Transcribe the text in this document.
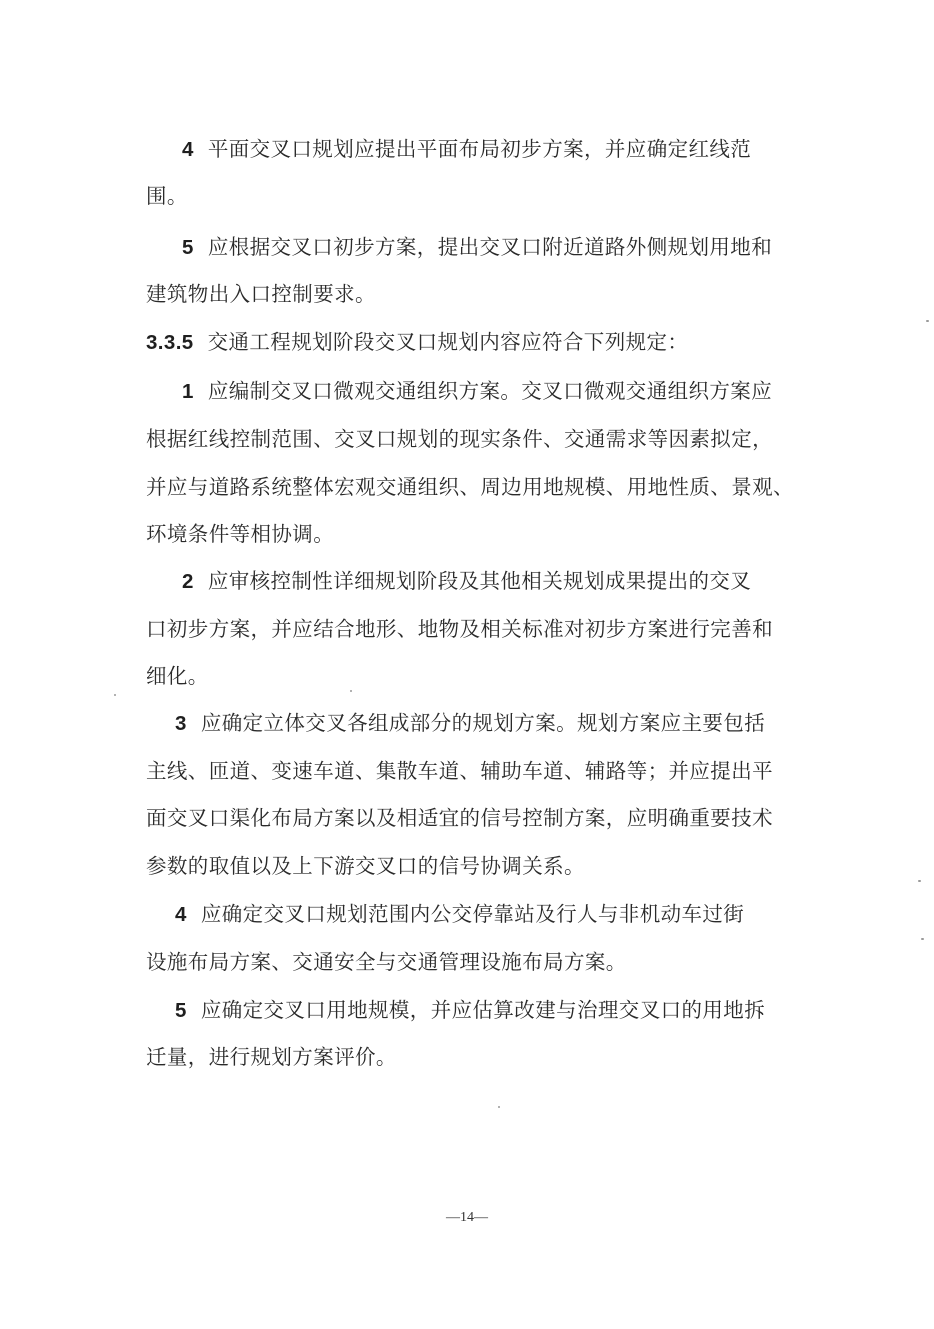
4 平面交叉口规划应提出平面布局初步方案，并应确定红线范
围。
5 应根据交叉口初步方案，提出交叉口附近道路外侧规划用地和
建筑物出入口控制要求。
3.3.5 交通工程规划阶段交叉口规划内容应符合下列规定：
1 应编制交叉口微观交通组织方案。交叉口微观交通组织方案应
根据红线控制范围、交叉口规划的现实条件、交通需求等因素拟定，
并应与道路系统整体宏观交通组织、周边用地规模、用地性质、景观、
环境条件等相协调。
2 应审核控制性详细规划阶段及其他相关规划成果提出的交叉
口初步方案，并应结合地形、地物及相关标准对初步方案进行完善和
细化。
3 应确定立体交叉各组成部分的规划方案。规划方案应主要包括
主线、匝道、变速车道、集散车道、辅助车道、辅路等；并应提出平
面交叉口渠化布局方案以及相适宜的信号控制方案，应明确重要技术
参数的取值以及上下游交叉口的信号协调关系。
4 应确定交叉口规划范围内公交停靠站及行人与非机动车过街
设施布局方案、交通安全与交通管理设施布局方案。
5 应确定交叉口用地规模，并应估算改建与治理交叉口的用地拆
迁量，进行规划方案评价。
—14—
